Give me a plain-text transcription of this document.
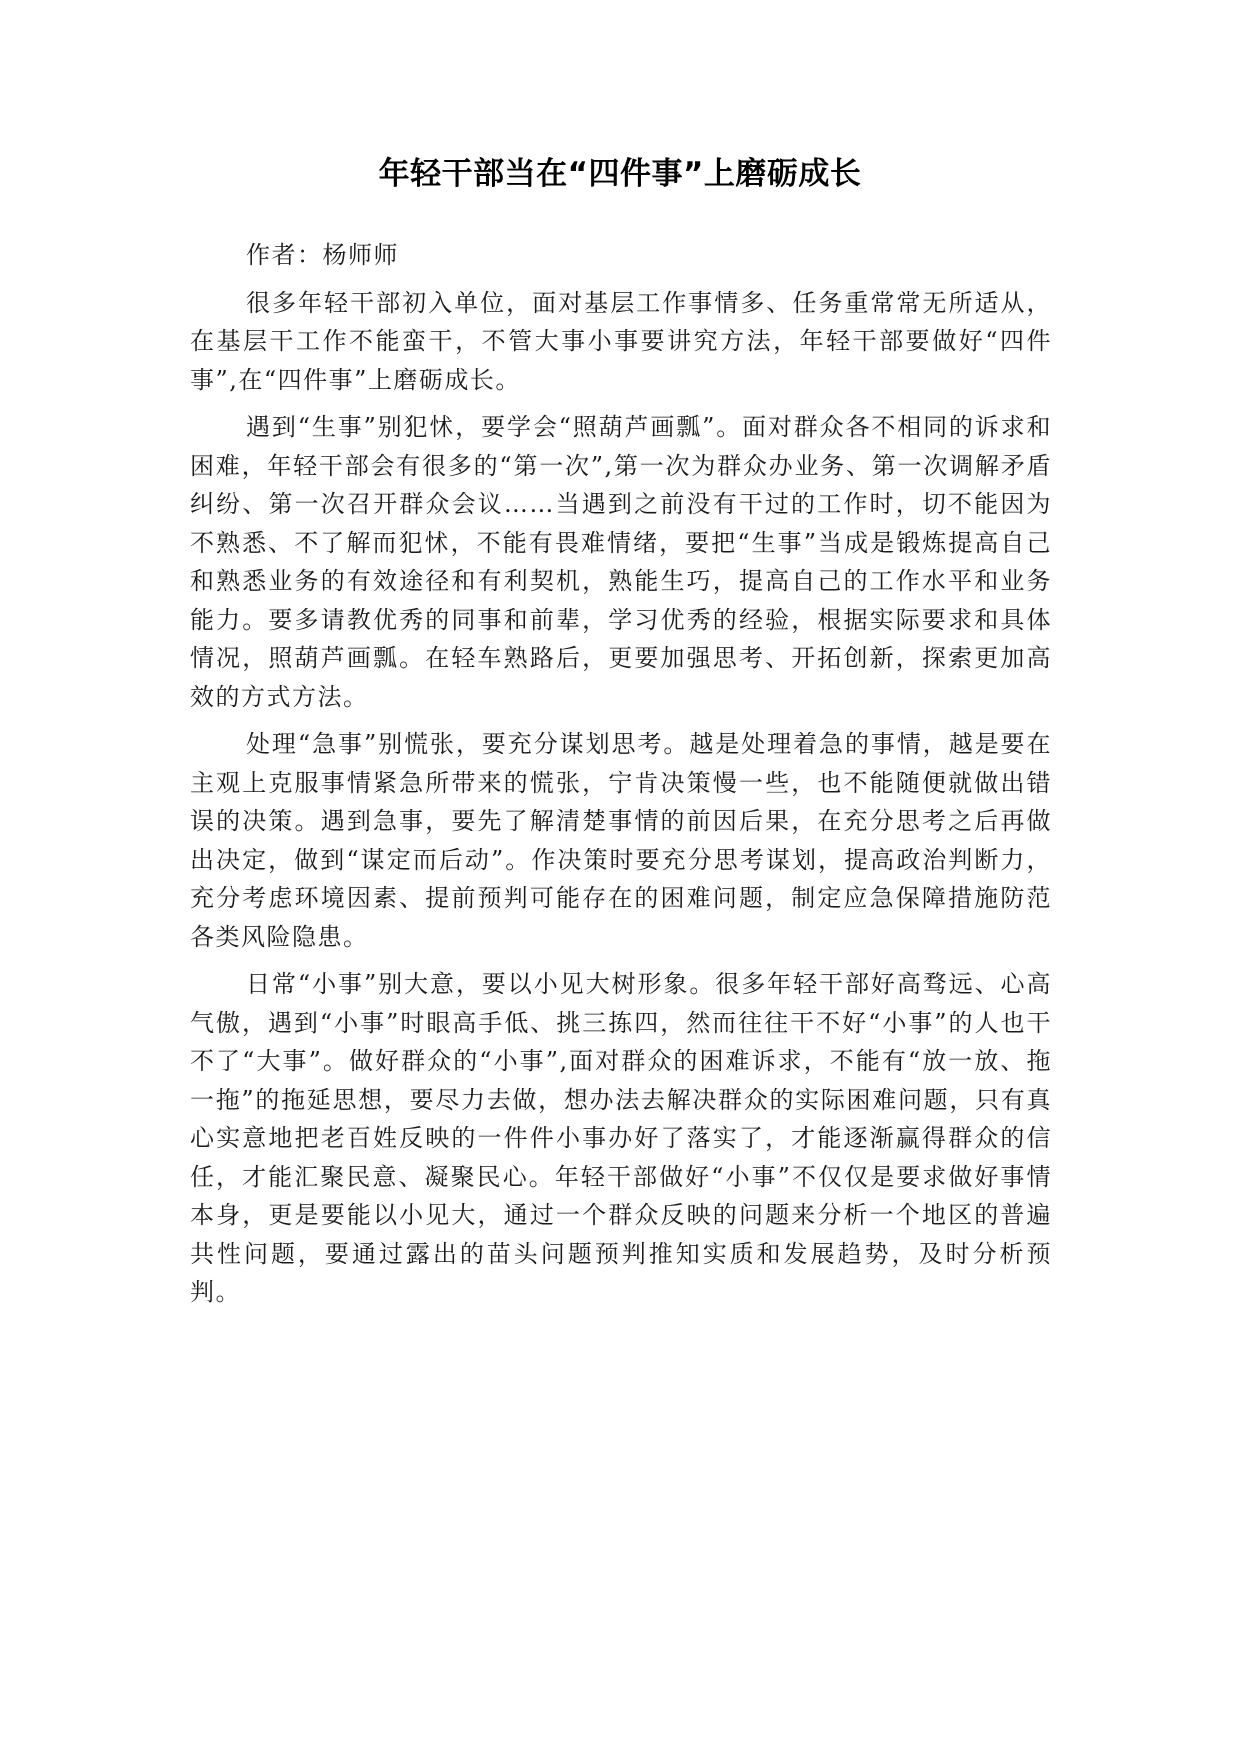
年轻干部当在“四件事”上磨砺成长

作者：杨师师

很多年轻干部初入单位，面对基层工作事情多、任务重常常无所适从，在基层干工作不能蛮干，不管大事小事要讲究方法，年轻干部要做好“四件事”,在“四件事”上磨砺成长。

遇到“生事”别犯怵，要学会“照葫芦画瓢”。面对群众各不相同的诉求和困难，年轻干部会有很多的“第一次”,第一次为群众办业务、第一次调解矛盾纠纷、第一次召开群众会议……当遇到之前没有干过的工作时，切不能因为不熟悉、不了解而犯怵，不能有畏难情绪，要把“生事”当成是锻炼提高自己和熟悉业务的有效途径和有利契机，熟能生巧，提高自己的工作水平和业务能力。要多请教优秀的同事和前辈，学习优秀的经验，根据实际要求和具体情况，照葫芦画瓢。在轻车熟路后，更要加强思考、开拓创新，探索更加高效的方式方法。

处理“急事”别慌张，要充分谋划思考。越是处理着急的事情，越是要在主观上克服事情紧急所带来的慌张，宁肯决策慢一些，也不能随便就做出错误的决策。遇到急事，要先了解清楚事情的前因后果，在充分思考之后再做出决定，做到“谋定而后动”。作决策时要充分思考谋划，提高政治判断力，充分考虑环境因素、提前预判可能存在的困难问题，制定应急保障措施防范各类风险隐患。

日常“小事”别大意，要以小见大树形象。很多年轻干部好高骛远、心高气傲，遇到“小事”时眼高手低、挑三拣四，然而往往干不好“小事”的人也干不了“大事”。做好群众的“小事”,面对群众的困难诉求，不能有“放一放、拖一拖”的拖延思想，要尽力去做，想办法去解决群众的实际困难问题，只有真心实意地把老百姓反映的一件件小事办好了落实了，才能逐渐赢得群众的信任，才能汇聚民意、凝聚民心。年轻干部做好“小事”不仅仅是要求做好事情本身，更是要能以小见大，通过一个群众反映的问题来分析一个地区的普遍共性问题，要通过露出的苗头问题预判推知实质和发展趋势，及时分析预判。
